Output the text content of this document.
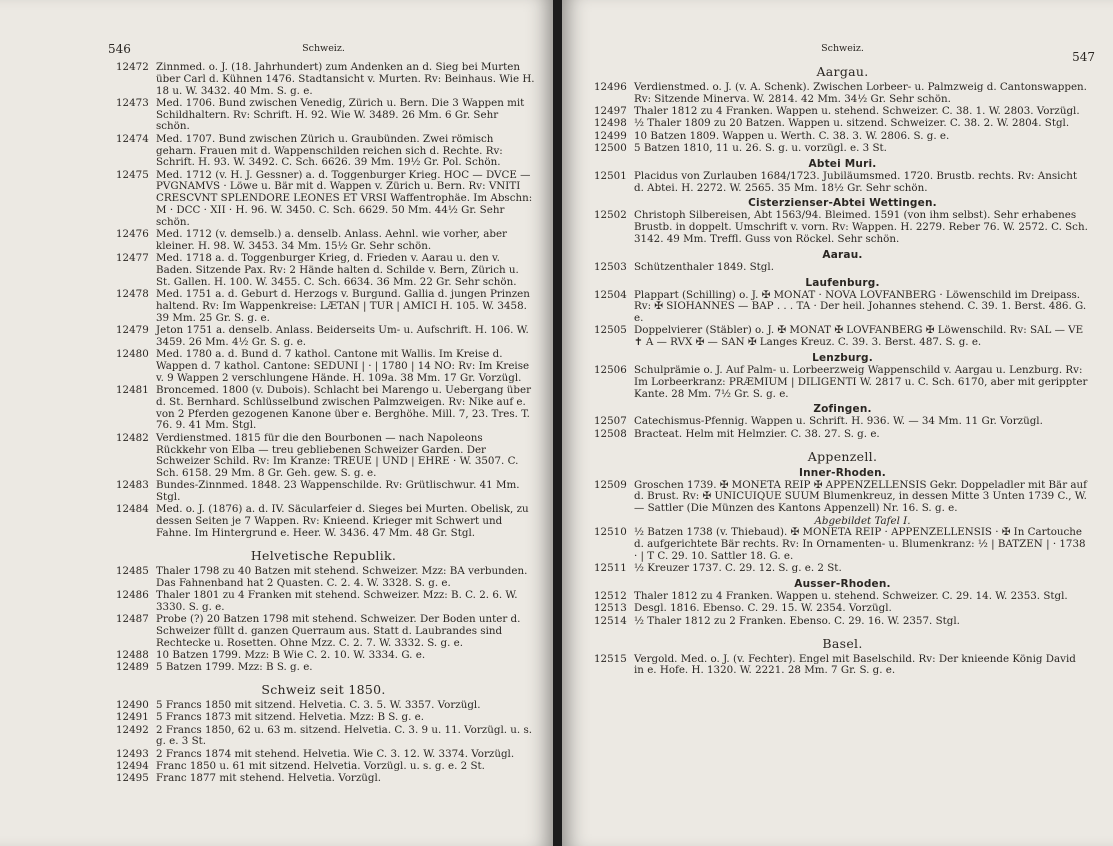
546	Schweiz.
12472 Zinnmed. o. J. (18. Jahrhundert) zum Andenken an d. Sieg bei Murten über Carl d. Kühnen 1476. Stadtansicht v. Murten. Rv: Beinhaus. Wie H. 18 u. W. 3432. 40 Mm. S. g. e.
12473 Med. 1706. Bund zwischen Venedig, Zürich u. Bern. Die 3 Wappen mit Schildhaltern. Rv: Schrift. H. 92. Wie W. 3489. 26 Mm. 6 Gr. Sehr schön.
12474 Med. 1707. Bund zwischen Zürich u. Graubünden. Zwei römisch geharn. Frauen mit d. Wappenschilden reichen sich d. Rechte. Rv: Schrift. H. 93. W. 3492. C. Sch. 6626. 39 Mm. 19½ Gr. Pol. Schön.
12475 Med. 1712 (v. H. J. Gessner) a. d. Toggenburger Krieg. HOC — DVCE — PVGNAMVS · Löwe u. Bär mit d. Wappen v. Zürich u. Bern. Rv: VNITI CRESCVNT SPLENDORE LEONES ET VRSI Waffentrophäe. Im Abschn: M · DCC · XII · H. 96. W. 3450. C. Sch. 6629. 50 Mm. 44½ Gr. Sehr schön.
12476 Med. 1712 (v. demselb.) a. denselb. Anlass. Aehnl. wie vorher, aber kleiner. H. 98. W. 3453. 34 Mm. 15½ Gr. Sehr schön.
12477 Med. 1718 a. d. Toggenburger Krieg, d. Frieden v. Aarau u. den v. Baden. Sitzende Pax. Rv: 2 Hände halten d. Schilde v. Bern, Zürich u. St. Gallen. H. 100. W. 3455. C. Sch. 6634. 36 Mm. 22 Gr. Sehr schön.
12478 Med. 1751 a. d. Geburt d. Herzogs v. Burgund. Gallia d. jungen Prinzen haltend. Rv: Im Wappenkreise: LÆTAN | TUR | AMICI H. 105. W. 3458. 39 Mm. 25 Gr. S. g. e.
12479 Jeton 1751 a. denselb. Anlass. Beiderseits Um- u. Aufschrift. H. 106. W. 3459. 26 Mm. 4½ Gr. S. g. e.
12480 Med. 1780 a. d. Bund d. 7 kathol. Cantone mit Wallis. Im Kreise d. Wappen d. 7 kathol. Cantone: SEDUNI | · | 1780 | 14 NO: Rv: Im Kreise v. 9 Wappen 2 verschlungene Hände. H. 109a. 38 Mm. 17 Gr. Vorzügl.
12481 Broncemed. 1800 (v. Dubois). Schlacht bei Marengo u. Uebergang über d. St. Bernhard. Schlüsselbund zwischen Palmzweigen. Rv: Nike auf e. von 2 Pferden gezogenen Kanone über e. Berghöhe. Mill. 7, 23. Tres. T. 76. 9. 41 Mm. Stgl.
12482 Verdienstmed. 1815 für die den Bourbonen — nach Napoleons Rückkehr von Elba — treu gebliebenen Schweizer Garden. Der Schweizer Schild. Rv: Im Kranze: TREUE | UND | EHRE · W. 3507. C. Sch. 6158. 29 Mm. 8 Gr. Geh. gew. S. g. e.
12483 Bundes-Zinnmed. 1848. 23 Wappenschilde. Rv: Grütlischwur. 41 Mm. Stgl.
12484 Med. o. J. (1876) a. d. IV. Säcularfeier d. Sieges bei Murten. Obelisk, zu dessen Seiten je 7 Wappen. Rv: Knieend. Krieger mit Schwert und Fahne. Im Hintergrund e. Heer. W. 3436. 47 Mm. 48 Gr. Stgl.
Helvetische Republik.
12485 Thaler 1798 zu 40 Batzen mit stehend. Schweizer. Mzz: BA verbunden. Das Fahnenband hat 2 Quasten. C. 2. 4. W. 3328. S. g. e.
12486 Thaler 1801 zu 4 Franken mit stehend. Schweizer. Mzz: B. C. 2. 6. W. 3330. S. g. e.
12487 Probe (?) 20 Batzen 1798 mit stehend. Schweizer. Der Boden unter d. Schweizer füllt d. ganzen Querraum aus. Statt d. Laubrandes sind Rechtecke u. Rosetten. Ohne Mzz. C. 2. 7. W. 3332. S. g. e.
12488 10 Batzen 1799. Mzz: B Wie C. 2. 10. W. 3334. G. e.
12489 5 Batzen 1799. Mzz: B S. g. e.
Schweiz seit 1850.
12490 5 Francs 1850 mit sitzend. Helvetia. C. 3. 5. W. 3357. Vorzügl.
12491 5 Francs 1873 mit sitzend. Helvetia. Mzz: B S. g. e.
12492 2 Francs 1850, 62 u. 63 m. sitzend. Helvetia. C. 3. 9 u. 11. Vorzügl. u. s. g. e. 3 St.
12493 2 Francs 1874 mit stehend. Helvetia. Wie C. 3. 12. W. 3374. Vorzügl.
12494 Franc 1850 u. 61 mit sitzend. Helvetia. Vorzügl. u. s. g. e. 2 St.
12495 Franc 1877 mit stehend. Helvetia. Vorzügl.
Schweiz.
547
Aargau.
12496 Verdienstmed. o. J. (v. A. Schenk). Zwischen Lorbeer- u. Palmzweig d. Cantonswappen. Rv: Sitzende Minerva. W. 2814. 42 Mm. 34½ Gr. Sehr schön.
12497 Thaler 1812 zu 4 Franken. Wappen u. stehend. Schweizer. C. 38. 1. W. 2803. Vorzügl.
12498 ½ Thaler 1809 zu 20 Batzen. Wappen u. sitzend. Schweizer. C. 38. 2. W. 2804. Stgl.
12499 10 Batzen 1809. Wappen u. Werth. C. 38. 3. W. 2806. S. g. e.
12500 5 Batzen 1810, 11 u. 26. S. g. u. vorzügl. e. 3 St.
Abtei Muri.
12501 Placidus von Zurlauben 1684/1723. Jubiläumsmed. 1720. Brustb. rechts. Rv: Ansicht d. Abtei. H. 2272. W. 2565. 35 Mm. 18½ Gr. Sehr schön.
Cisterzienser-Abtei Wettingen.
12502 Christoph Silbereisen, Abt 1563/94. Bleimed. 1591 (von ihm selbst). Sehr erhabenes Brustb. in doppelt. Umschrift v. vorn. Rv: Wappen. H. 2279. Reber 76. W. 2572. C. Sch. 3142. 49 Mm. Treffl. Guss von Röckel. Sehr schön.
Aarau.
12503 Schützenthaler 1849. Stgl.
Laufenburg.
12504 Plappart (Schilling) o. J. ✠ MONAT · NOVA LOVFANBERG · Löwenschild im Dreipass. Rv: ✠ SIOHANNES — BAP . . . TA · Der heil. Johannes stehend. C. 39. 1. Berst. 486. G. e.
12505 Doppelvierer (Stäbler) o. J. ✠ MONAT ✠ LOVFANBERG ✠ Löwenschild. Rv: SAL — VE ✝ A — RVX ✠ — SAN ✠ Langes Kreuz. C. 39. 3. Berst. 487. S. g. e.
Lenzburg.
12506 Schulprämie o. J. Auf Palm- u. Lorbeerzweig Wappenschild v. Aargau u. Lenzburg. Rv: Im Lorbeerkranz: PRÆMIUM | DILIGENTI W. 2817 u. C. Sch. 6170, aber mit gerippter Kante. 28 Mm. 7½ Gr. S. g. e.
Zofingen.
12507 Catechismus-Pfennig. Wappen u. Schrift. H. 936. W. — 34 Mm. 11 Gr. Vorzügl.
12508 Bracteat. Helm mit Helmzier. C. 38. 27. S. g. e.
Appenzell.
Inner-Rhoden.
12509 Groschen 1739. ✠ MONETA REIP ✠ APPENZELLENSIS Gekr. Doppeladler mit Bär auf d. Brust. Rv: ✠ UNICUIQUE SUUM Blumenkreuz, in dessen Mitte 3 Unten 1739 C., W. — Sattler (Die Münzen des Kantons Appenzell) Nr. 16. S. g. e.
Abgebildet Tafel I.
12510 ½ Batzen 1738 (v. Thiebaud). ✠ MONETA REIP · APPENZELLENSIS · ✠ In Cartouche d. aufgerichtete Bär rechts. Rv: In Ornamenten- u. Blumenkranz: ½ | BATZEN | · 1738 · | T C. 29. 10. Sattler 18. G. e.
12511 ½ Kreuzer 1737. C. 29. 12. S. g. e. 2 St.
Ausser-Rhoden.
12512 Thaler 1812 zu 4 Franken. Wappen u. stehend. Schweizer. C. 29. 14. W. 2353. Stgl.
12513 Desgl. 1816. Ebenso. C. 29. 15. W. 2354. Vorzügl.
12514 ½ Thaler 1812 zu 2 Franken. Ebenso. C. 29. 16. W. 2357. Stgl.
Basel.
12515 Vergold. Med. o. J. (v. Fechter). Engel mit Baselschild. Rv: Der knieende König David in e. Hofe. H. 1320. W. 2221. 28 Mm. 7 Gr. S. g. e.
